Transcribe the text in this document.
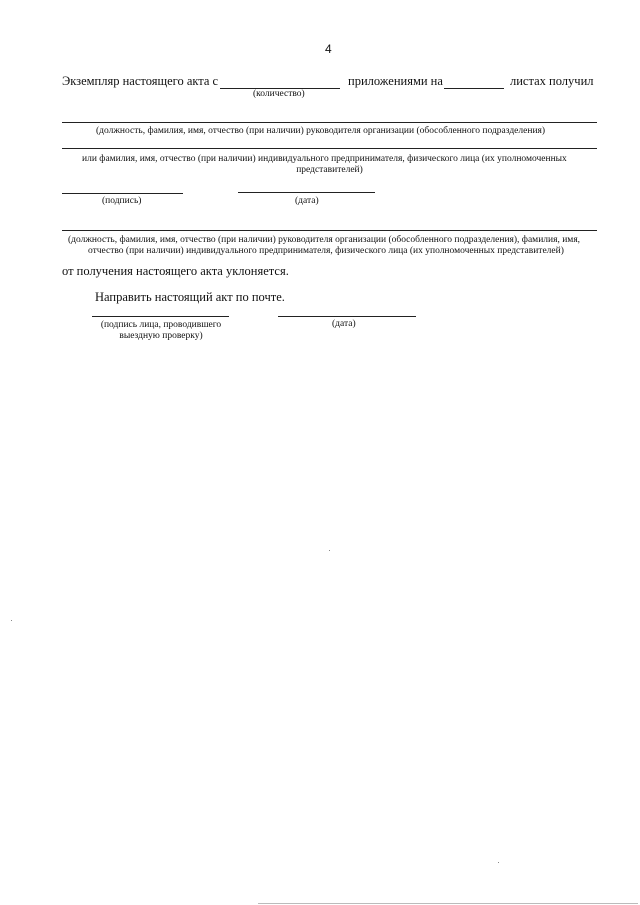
4
Экземпляр настоящего акта с	приложениями на	листах получил
(количество)
(должность, фамилия, имя, отчество (при наличии) руководителя организации (обособленного подразделения)
или фамилия, имя, отчество (при наличии) индивидуального предпринимателя, физического лица (их уполномоченных
представителей)
(подпись)	(дата)
(должность, фамилия, имя, отчество (при наличии) руководителя организации (обособленного подразделения), фамилия, имя,
отчество (при наличии) индивидуального предпринимателя, физического лица (их уполномоченных представителей)
от получения настоящего акта уклоняется.
Направить настоящий акт по почте.
(подпись лица, проводившего
выездную проверку)
(дата)
